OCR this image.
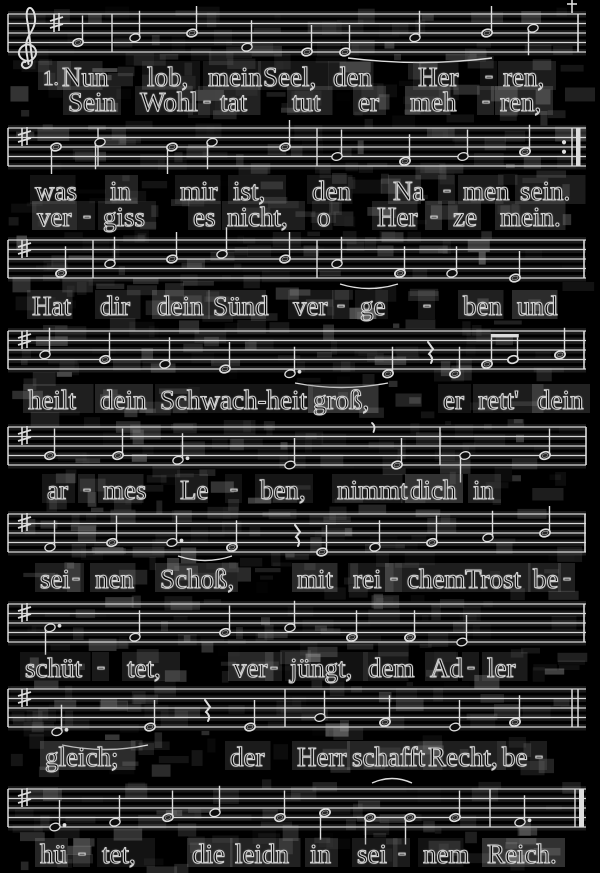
1. Nun lob, mein Seel, den Her - ren,
Sein Wohl - tat tut er meh - ren,
was in mir ist, den Na - men sein.
ver - giss es nicht, o Her - ze mein.
Hat dir dein Sünd ver - ge - ben und
heilt dein Schwach-heit groß,	er rett' dein
ar - mes Le - ben, nimmt dich in
sei - nen Schoß, mit rei - chem Trost be -
schüt - tet,	ver - jüngt, dem Ad - ler
gleich;	der Herr schafft Recht, be -
hü - tet, die leidn in sei - nem Reich.
